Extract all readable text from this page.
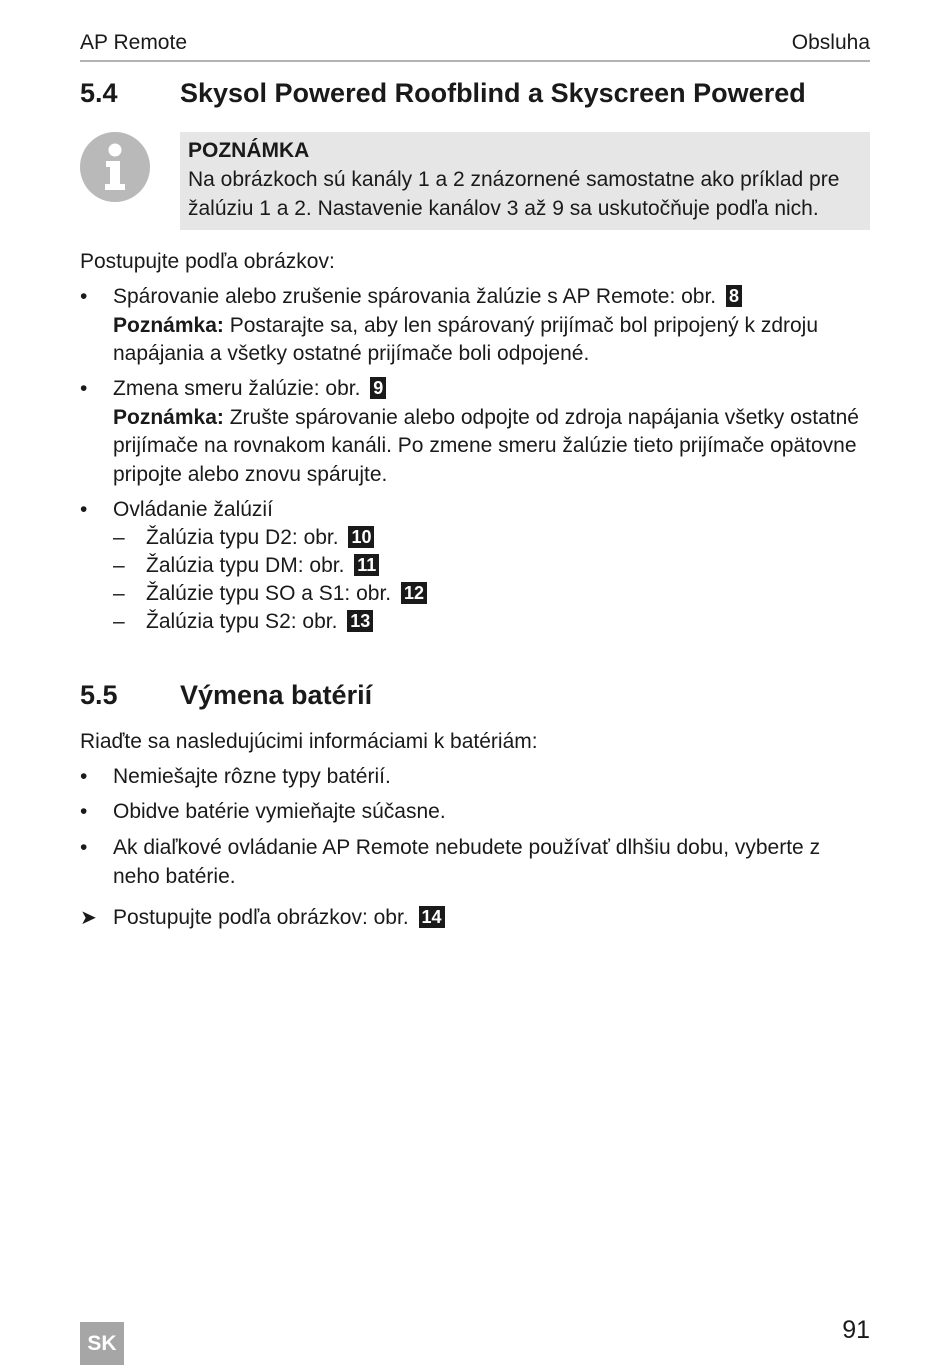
AP Remote	Obsluha
5.4 Skysol Powered Roofblind a Skyscreen Powered
POZNÁMKA
Na obrázkoch sú kanály 1 a 2 znázornené samostatne ako príklad pre žalúziu 1 a 2. Nastavenie kanálov 3 až 9 sa uskutočňuje podľa nich.
Postupujte podľa obrázkov:
• Spárovanie alebo zrušenie spárovania žalúzie s AP Remote: obr. 8
Poznámka: Postarajte sa, aby len spárovaný prijímač bol pripojený k zdroju napájania a všetky ostatné prijímače boli odpojené.
• Zmena smeru žalúzie: obr. 9
Poznámka: Zrušte spárovanie alebo odpojte od zdroja napájania všetky ostatné prijímače na rovnakom kanáli. Po zmene smeru žalúzie tieto prijímače opätovne pripojte alebo znovu spárujte.
• Ovládanie žalúzií
– Žalúzia typu D2: obr. 10
– Žalúzia typu DM: obr. 11
– Žalúzie typu SO a S1: obr. 12
– Žalúzia typu S2: obr. 13
5.5 Výmena batérií
Riaďte sa nasledujúcimi informáciami k batériám:
• Nemiešajte rôzne typy batérií.
• Obidve batérie vymieňajte súčasne.
• Ak diaľkové ovládanie AP Remote nebudete používať dlhšiu dobu, vyberte z neho batérie.
➤ Postupujte podľa obrázkov: obr. 14
SK	91
